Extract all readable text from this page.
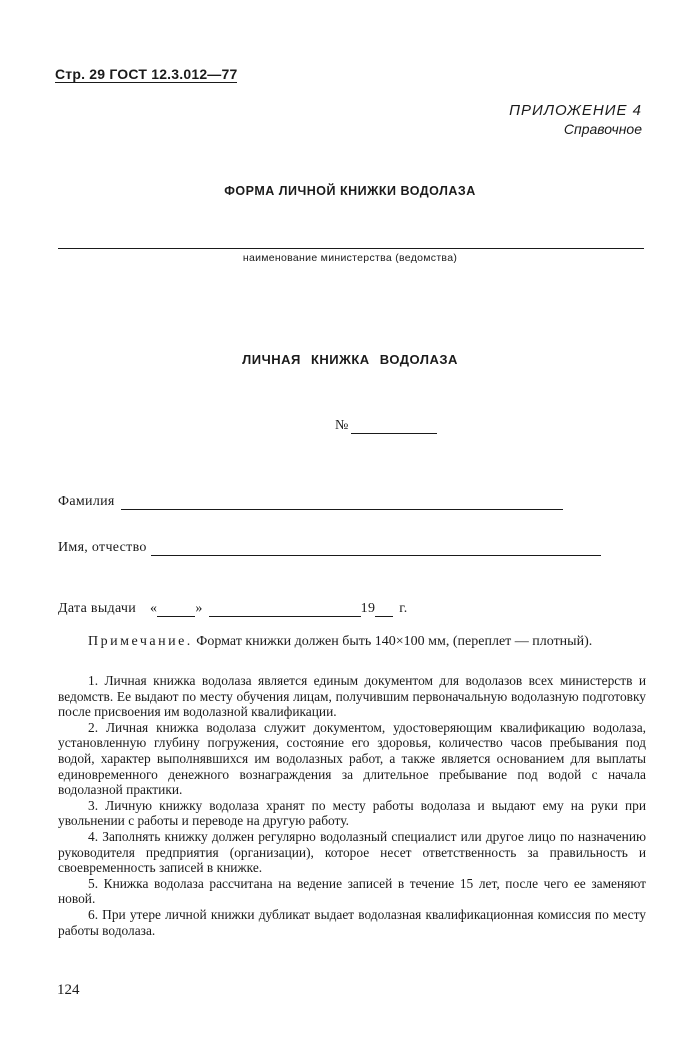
Стр. 29 ГОСТ 12.3.012—77
ПРИЛОЖЕНИЕ 4
Справочное
ФОРМА ЛИЧНОЙ КНИЖКИ ВОДОЛАЗА
наименование министерства (ведомства)
ЛИЧНАЯ КНИЖКА ВОДОЛАЗА
№
Фамилия
Имя, отчество
Дата выдачи «	»	19 г.
Примечание. Формат книжки должен быть 140×100 мм, (переплет — плотный).

1. Личная книжка водолаза является единым документом для водолазов всех министерств и ведомств. Ее выдают по месту обучения лицам, получившим первоначальную водолазную подготовку после присвоения им водолазной квалификации.

2. Личная книжка водолаза служит документом, удостоверяющим квалификацию водолаза, установленную глубину погружения, состояние его здоровья, количество часов пребывания под водой, характер выполнявшихся им водолазных работ, а также является основанием для выплаты единовременного денежного вознаграждения за длительное пребывание под водой с начала водолазной практики.

3. Личную книжку водолаза хранят по месту работы водолаза и выдают ему на руки при увольнении с работы и переводе на другую работу.

4. Заполнять книжку должен регулярно водолазный специалист или другое лицо по назначению руководителя предприятия (организации), которое несет ответственность за правильность и своевременность записей в книжке.

5. Книжка водолаза рассчитана на ведение записей в течение 15 лет, после чего ее заменяют новой.

6. При утере личной книжки дубликат выдает водолазная квалификационная комиссия по месту работы водолаза.

124
